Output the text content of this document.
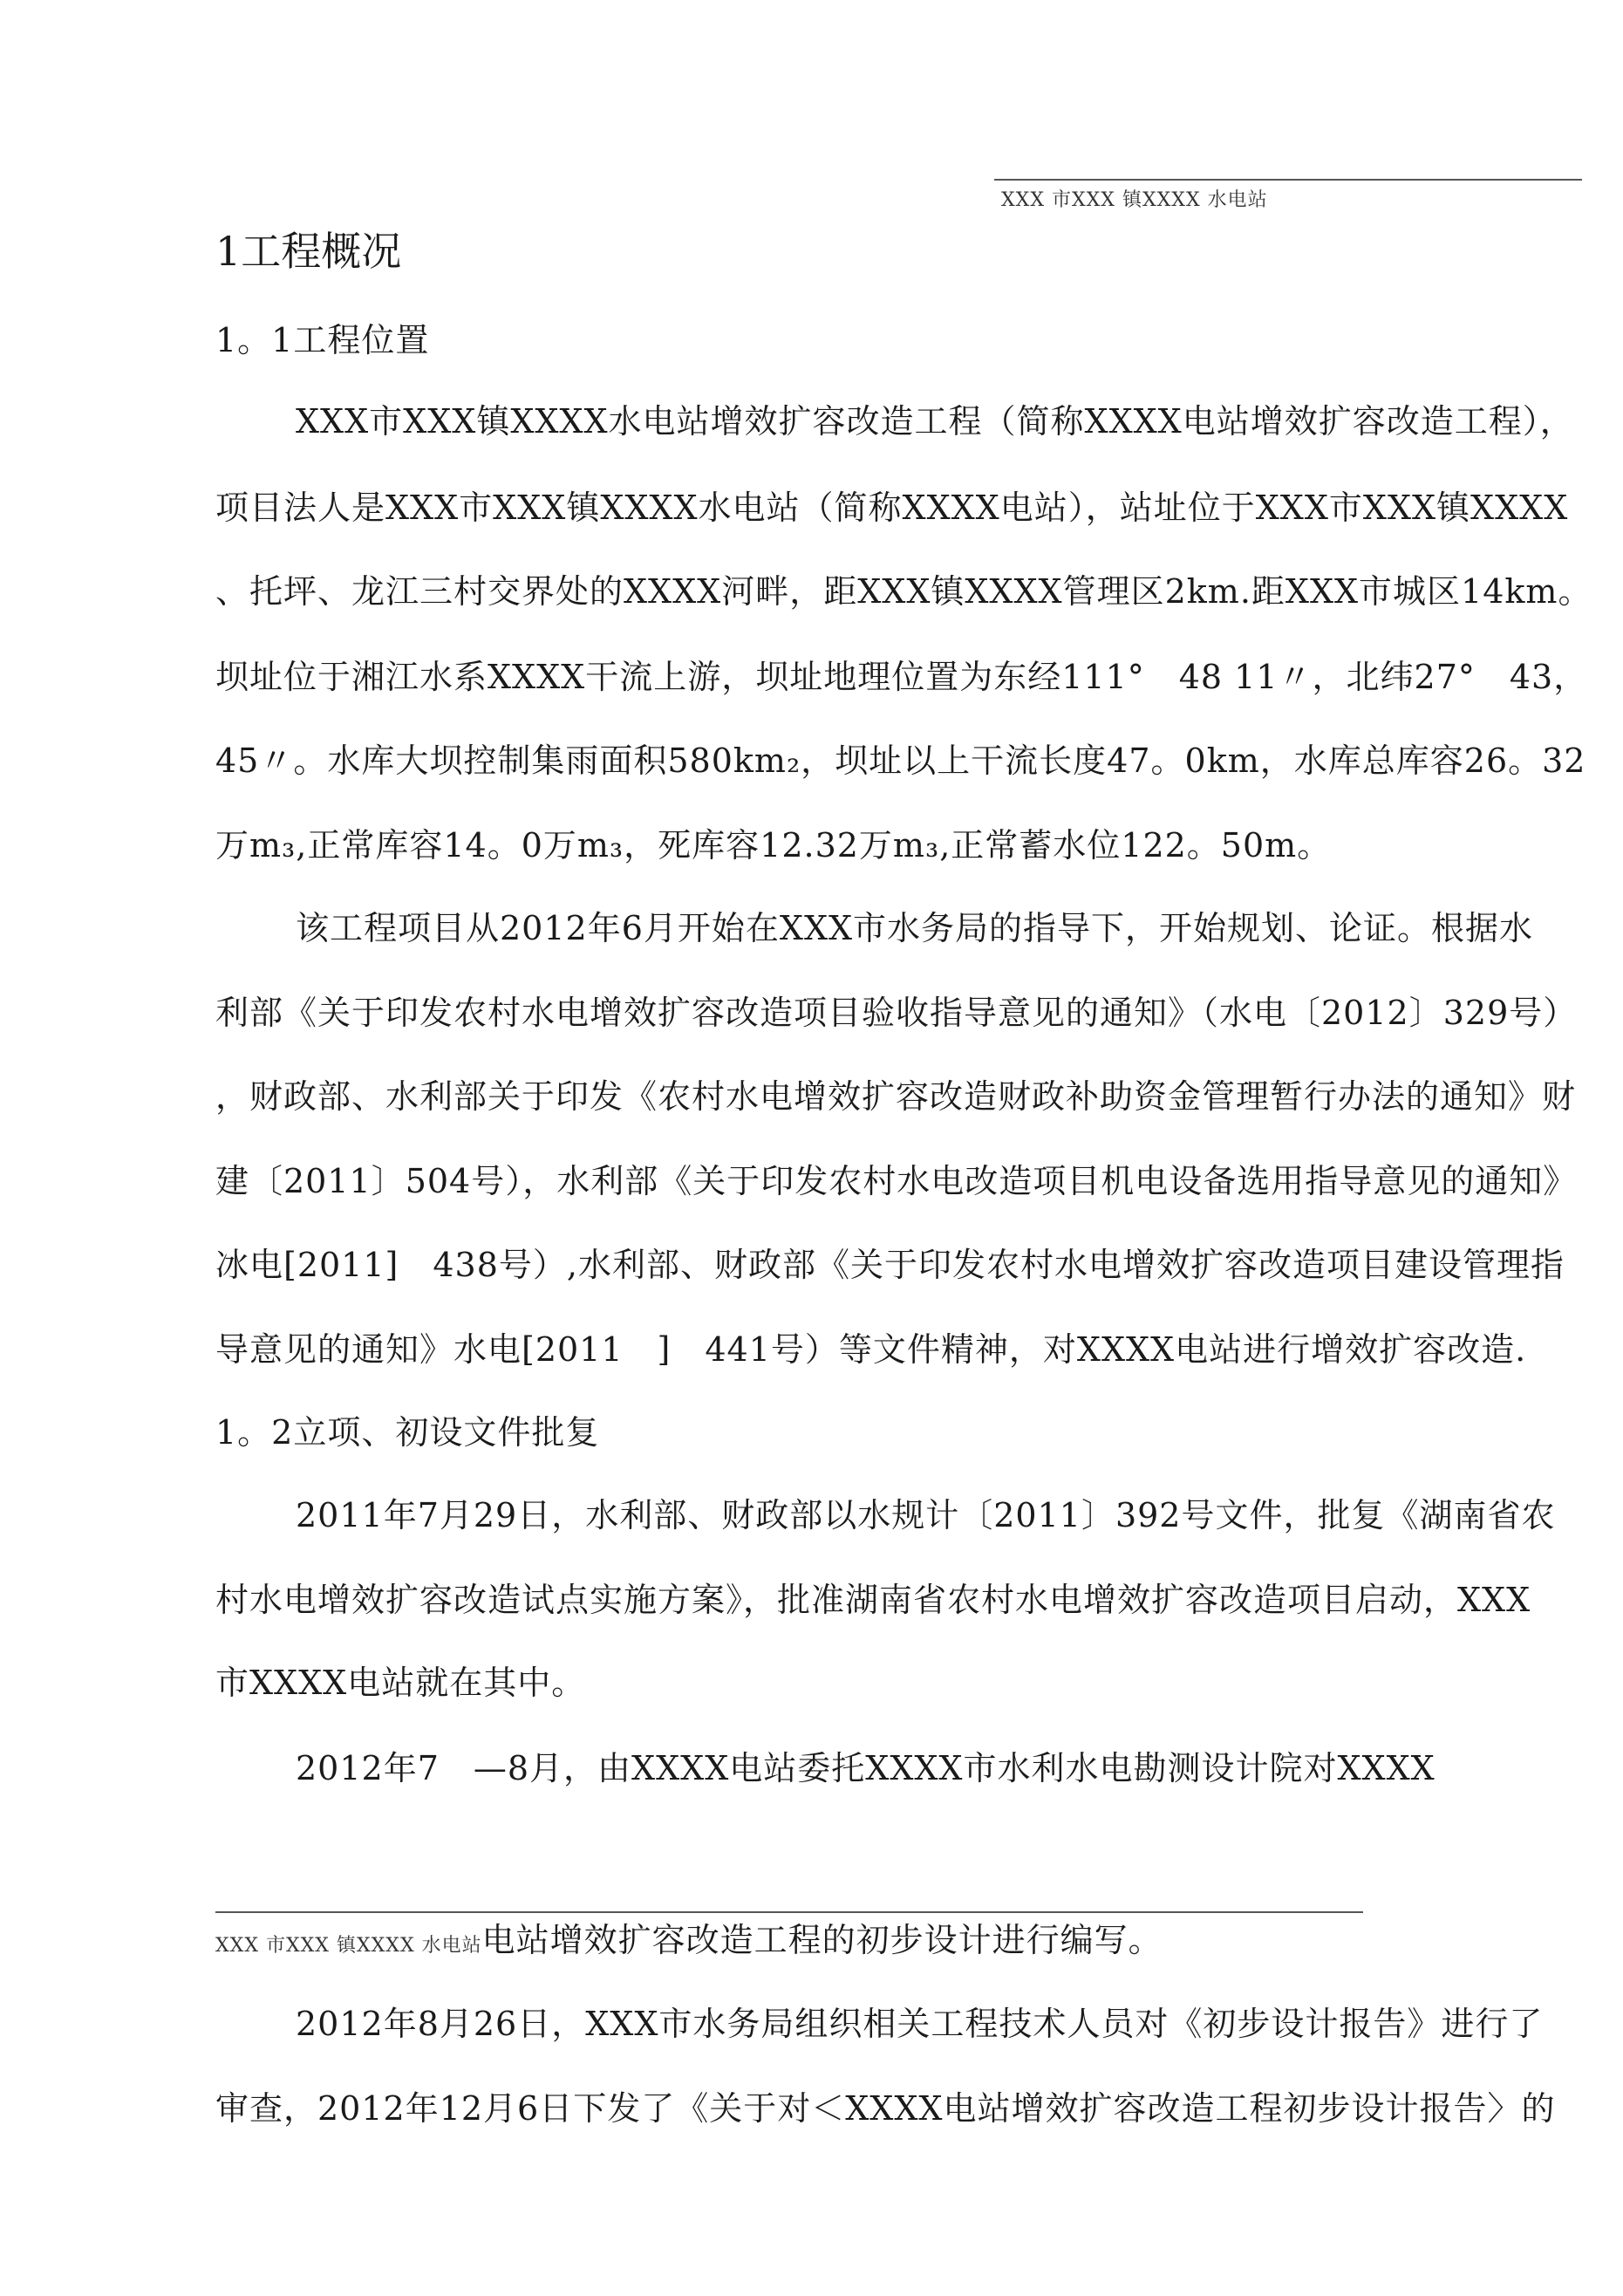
XXX 市XXX 镇XXXX 水电站
1工程概况
1。1工程位置
XXX市XXX镇XXXX水电站增效扩容改造工程（简称XXXX电站增效扩容改造工程），
项目法人是XXX市XXX镇XXXX水电站（简称XXXX电站），站址位于XXX市XXX镇XXXX
、托坪、龙江三村交界处的XXXX河畔，距XXX镇XXXX管理区2km.距XXX市城区14km。
坝址位于湘江水系XXXX干流上游，坝址地理位置为东经111°　48 11〃，北纬27°　43，
45〃。水库大坝控制集雨面积580km₂，坝址以上干流长度47。0km，水库总库容26。32
万m₃,正常库容14。0万m₃，死库容12.32万m₃,正常蓄水位122。50m。
该工程项目从2012年6月开始在XXX市水务局的指导下，开始规划、论证。根据水
利部《关于印发农村水电增效扩容改造项目验收指导意见的通知》（水电〔2012〕329号）
，财政部、水利部关于印发《农村水电增效扩容改造财政补助资金管理暂行办法的通知》财
建〔2011〕504号），水利部《关于印发农村水电改造项目机电设备选用指导意见的通知》
冰电[2011]　438号）,水利部、财政部《关于印发农村水电增效扩容改造项目建设管理指
导意见的通知》水电[2011　]　441号）等文件精神，对XXXX电站进行增效扩容改造.
1。2立项、初设文件批复
2011年7月29日，水利部、财政部以水规计〔2011〕392号文件，批复《湖南省农
村水电增效扩容改造试点实施方案》，批准湖南省农村水电增效扩容改造项目启动，XXX
市XXXX电站就在其中。
2012年7　—8月，由XXXX电站委托XXXX市水利水电勘测设计院对XXXX
XXX 市XXX 镇XXXX 水电站电站增效扩容改造工程的初步设计进行编写。
2012年8月26日，XXX市水务局组织相关工程技术人员对《初步设计报告》进行了
审查，2012年12月6日下发了《关于对＜XXXX电站增效扩容改造工程初步设计报告〉的
